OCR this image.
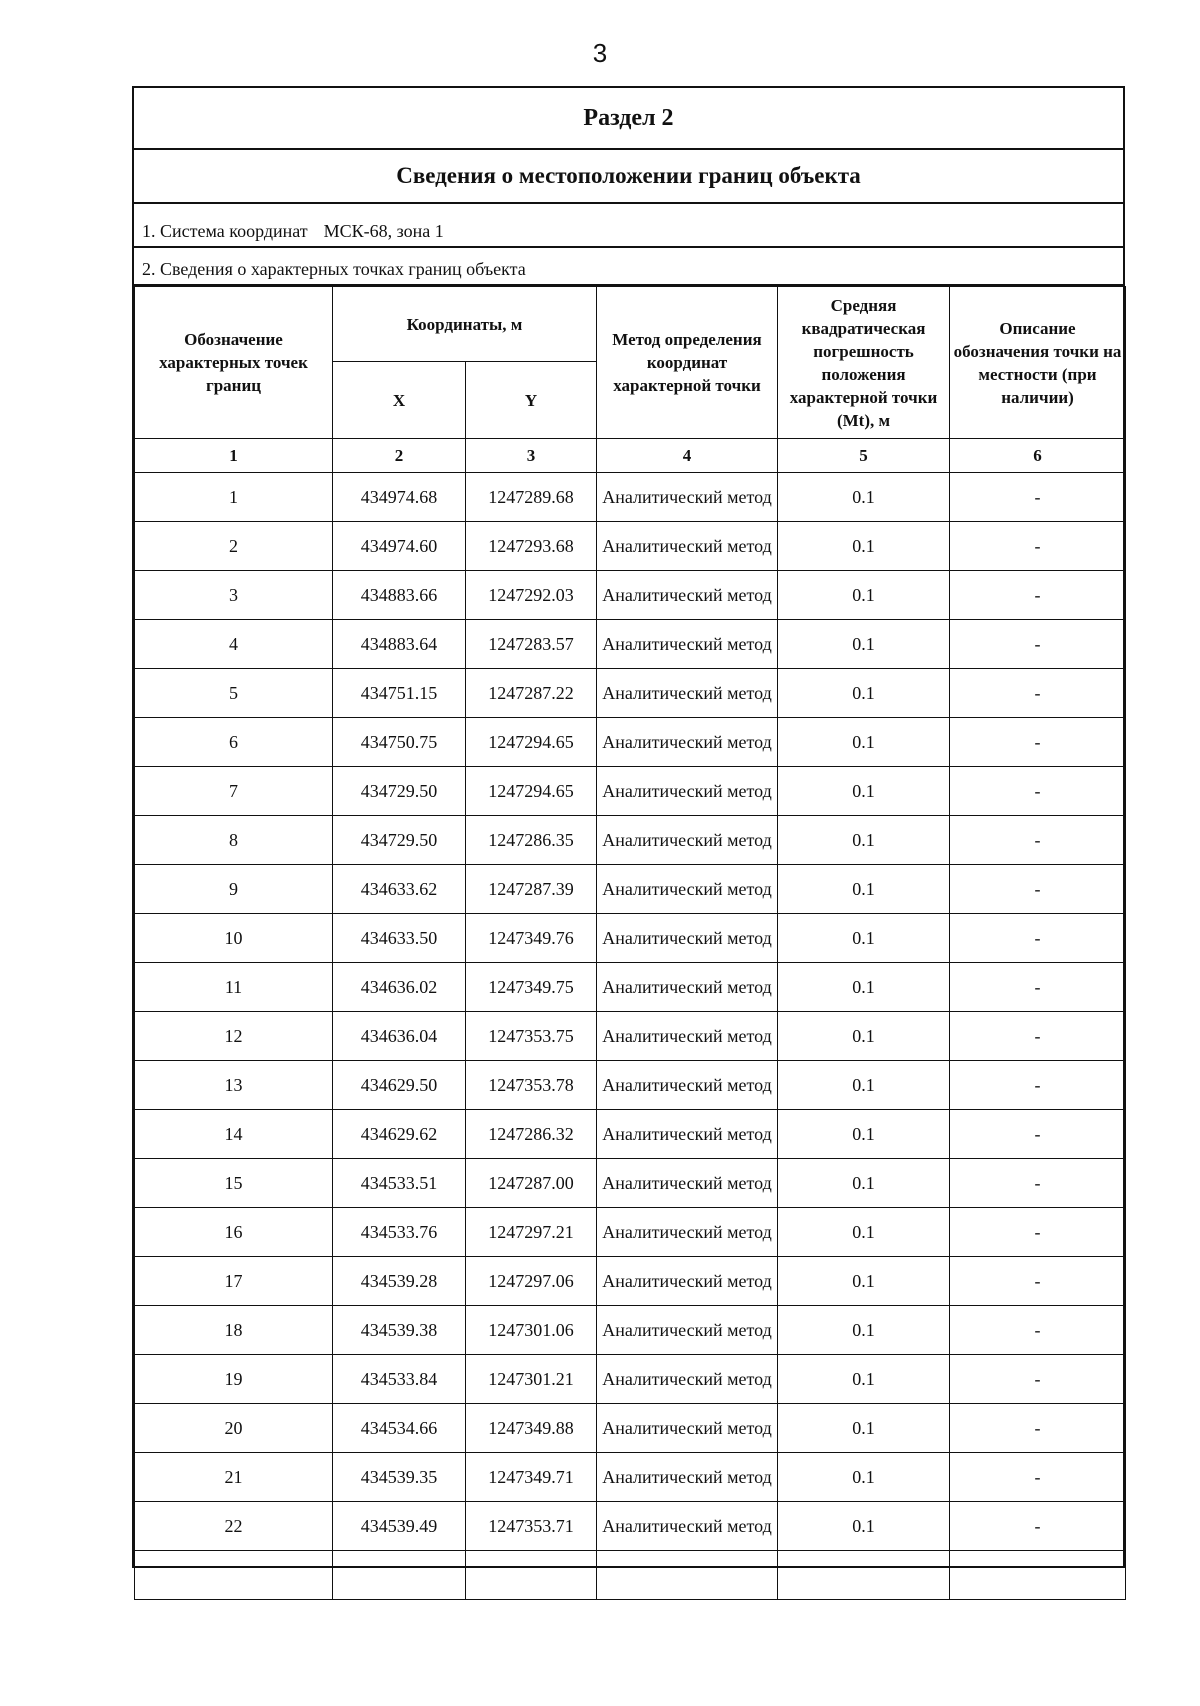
3
Раздел 2
Сведения о местоположении границ объекта
1. Система координат МСК-68, зона 1
2. Сведения о характерных точках границ объекта
Обозначение характерных точек границ	Координаты, м		Метод определения координат характерной точки	Средняя квадратическая погрешность положения характерной точки (Mt), м	Описание обозначения точки на местности (при наличии)
	X	Y			
1	2	3	4	5	6
1	434974.68	1247289.68	Аналитический метод	0.1	-
2	434974.60	1247293.68	Аналитический метод	0.1	-
3	434883.66	1247292.03	Аналитический метод	0.1	-
4	434883.64	1247283.57	Аналитический метод	0.1	-
5	434751.15	1247287.22	Аналитический метод	0.1	-
6	434750.75	1247294.65	Аналитический метод	0.1	-
7	434729.50	1247294.65	Аналитический метод	0.1	-
8	434729.50	1247286.35	Аналитический метод	0.1	-
9	434633.62	1247287.39	Аналитический метод	0.1	-
10	434633.50	1247349.76	Аналитический метод	0.1	-
11	434636.02	1247349.75	Аналитический метод	0.1	-
12	434636.04	1247353.75	Аналитический метод	0.1	-
13	434629.50	1247353.78	Аналитический метод	0.1	-
14	434629.62	1247286.32	Аналитический метод	0.1	-
15	434533.51	1247287.00	Аналитический метод	0.1	-
16	434533.76	1247297.21	Аналитический метод	0.1	-
17	434539.28	1247297.06	Аналитический метод	0.1	-
18	434539.38	1247301.06	Аналитический метод	0.1	-
19	434533.84	1247301.21	Аналитический метод	0.1	-
20	434534.66	1247349.88	Аналитический метод	0.1	-
21	434539.35	1247349.71	Аналитический метод	0.1	-
22	434539.49	1247353.71	Аналитический метод	0.1	-
